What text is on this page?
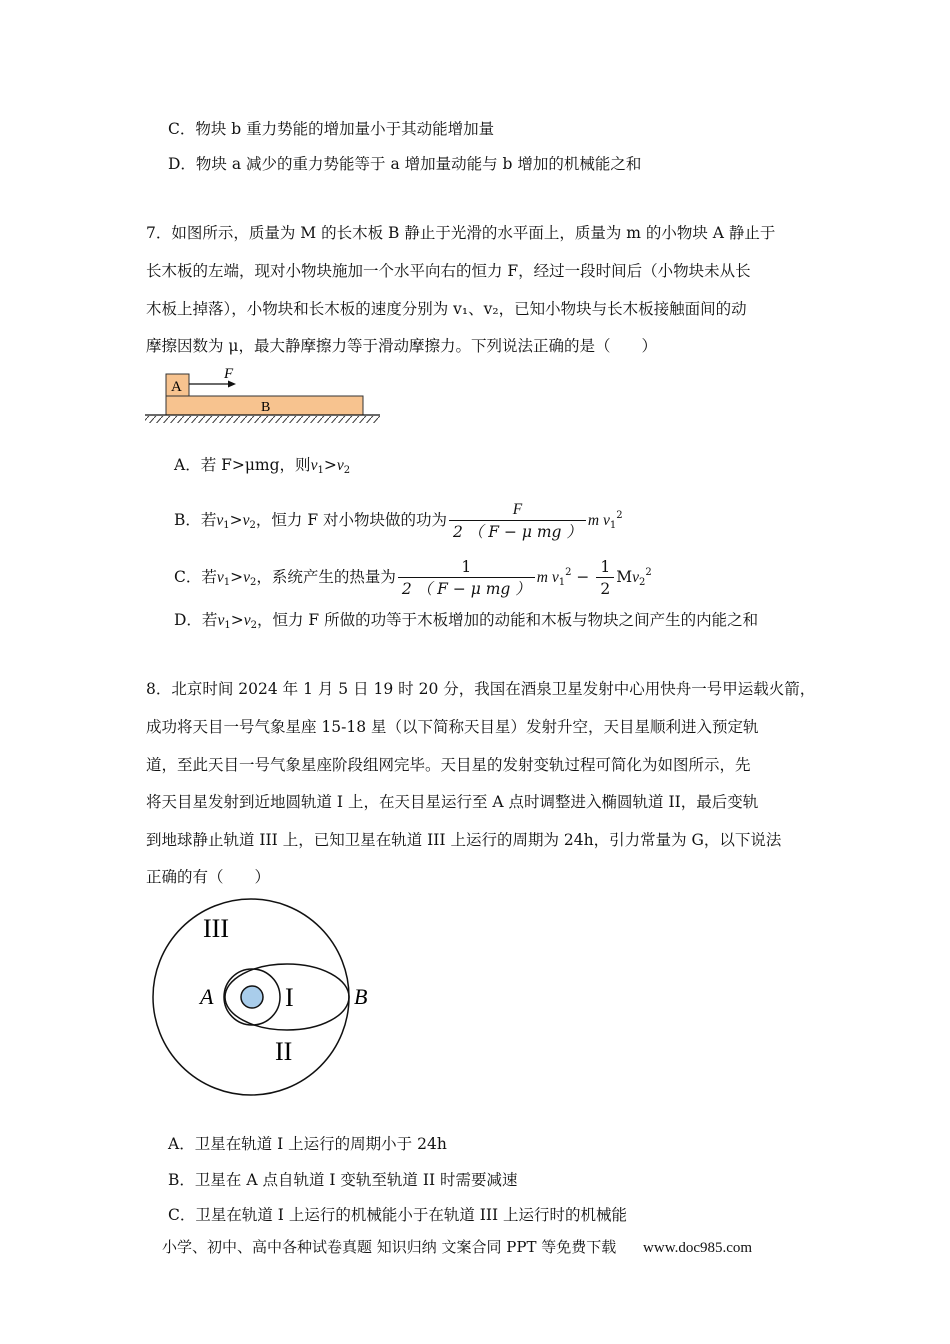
C．物块 b 重力势能的增加量小于其动能增加量
D．物块 a 减少的重力势能等于 a 增加量动能与 b 增加的机械能之和
7．如图所示，质量为 M 的长木板 B 静止于光滑的水平面上，质量为 m 的小物块 A 静止于
长木板的左端，现对小物块施加一个水平向右的恒力 F，经过一段时间后（小物块未从长
木板上掉落），小物块和长木板的速度分别为 v₁、v₂，已知小物块与长木板接触面间的动
摩擦因数为 μ，最大静摩擦力等于滑动摩擦力。下列说法正确的是（　　）
A
B
F
A．若 F>μmg，则$v_1>v_2$
B．若$v_1>v_2$，恒力 F 对小物块做的功为 $\frac{F}{\text{2 （ F − μ mg ）}}$ m $v_1^2$
C．若$v_1>v_2$，系统产生的热量为 $\frac{1}{\text{2 （ F − μ mg ）}}$ m $v_1^2 - \frac{1}{2} Mv_2^2$
D．若$v_1>v_2$，恒力 F 所做的功等于木板增加的动能和木板与物块之间产生的内能之和
8．北京时间 2024 年 1 月 5 日 19 时 20 分，我国在酒泉卫星发射中心用快舟一号甲运载火箭，
成功将天目一号气象星座 15-18 星（以下简称天目星）发射升空，天目星顺利进入预定轨
道，至此天目一号气象星座阶段组网完毕。天目星的发射变轨过程可简化为如图所示，先
将天目星发射到近地圆轨道 I 上，在天目星运行至 A 点时调整进入椭圆轨道 II，最后变轨
到地球静止轨道 III 上，已知卫星在轨道 III 上运行的周期为 24h，引力常量为 G，以下说法
正确的有（　　）
III
I
II
A	B
A．卫星在轨道 I 上运行的周期小于 24h
B．卫星在 A 点自轨道 I 变轨至轨道 II 时需要减速
C．卫星在轨道 I 上运行的机械能小于在轨道 III 上运行时的机械能
小学、初中、高中各种试卷真题 知识归纳 文案合同 PPT 等免费下载 www.doc985.com
